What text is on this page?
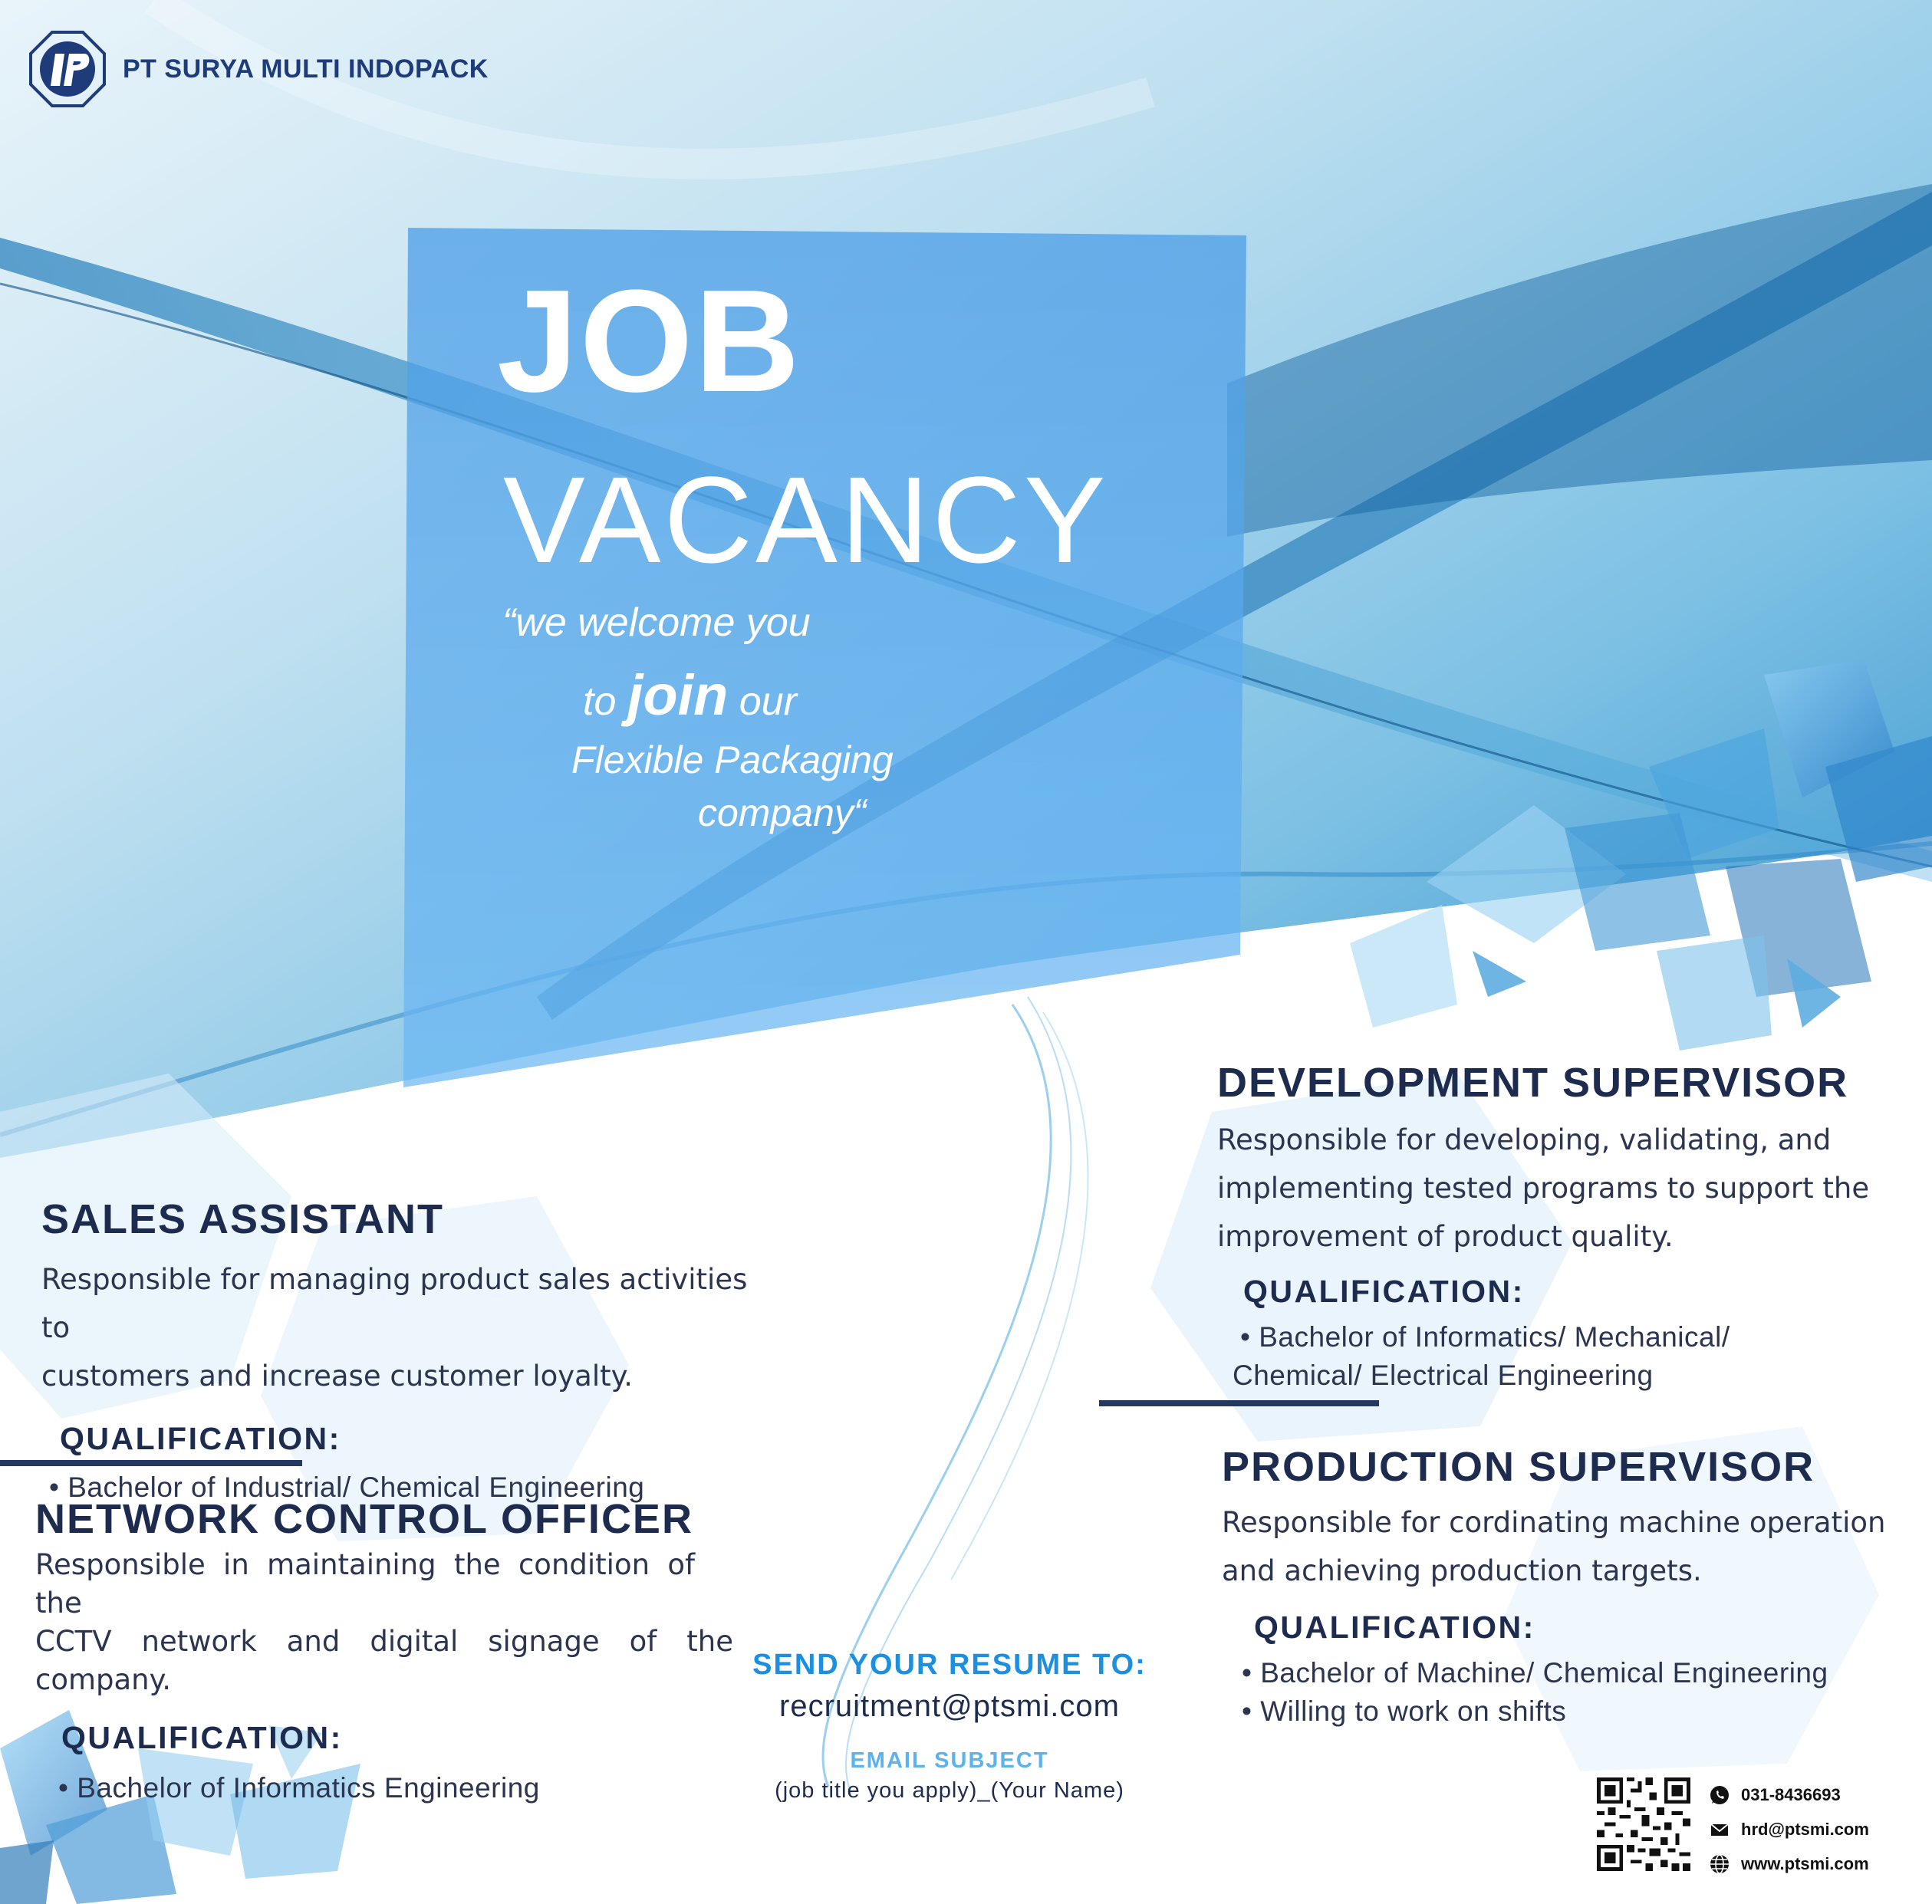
PT SURYA MULTI INDOPACK
JOB
VACANCY
“we welcome you
to join our
Flexible Packaging
company“
SALES ASSISTANT

Responsible for managing product sales activities to
customers and increase customer loyalty.

QUALIFICATION:
• Bachelor of Industrial/ Chemical Engineering
NETWORK CONTROL OFFICER

Responsible in maintaining the condition of the
CCTV network and digital signage of the company.

QUALIFICATION:
• Bachelor of Informatics Engineering
DEVELOPMENT SUPERVISOR

Responsible for developing, validating, and
implementing tested programs to support the
improvement of product quality.

QUALIFICATION:
• Bachelor of Informatics/ Mechanical/
Chemical/ Electrical Engineering
PRODUCTION SUPERVISOR

Responsible for cordinating machine operation
and achieving production targets.

QUALIFICATION:
• Bachelor of Machine/ Chemical Engineering
• Willing to work on shifts
SEND YOUR RESUME TO:
recruitment@ptsmi.com
EMAIL SUBJECT
(job title you apply)_(Your Name)	031-8436693
hrd@ptsmi.com
www.ptsmi.com
